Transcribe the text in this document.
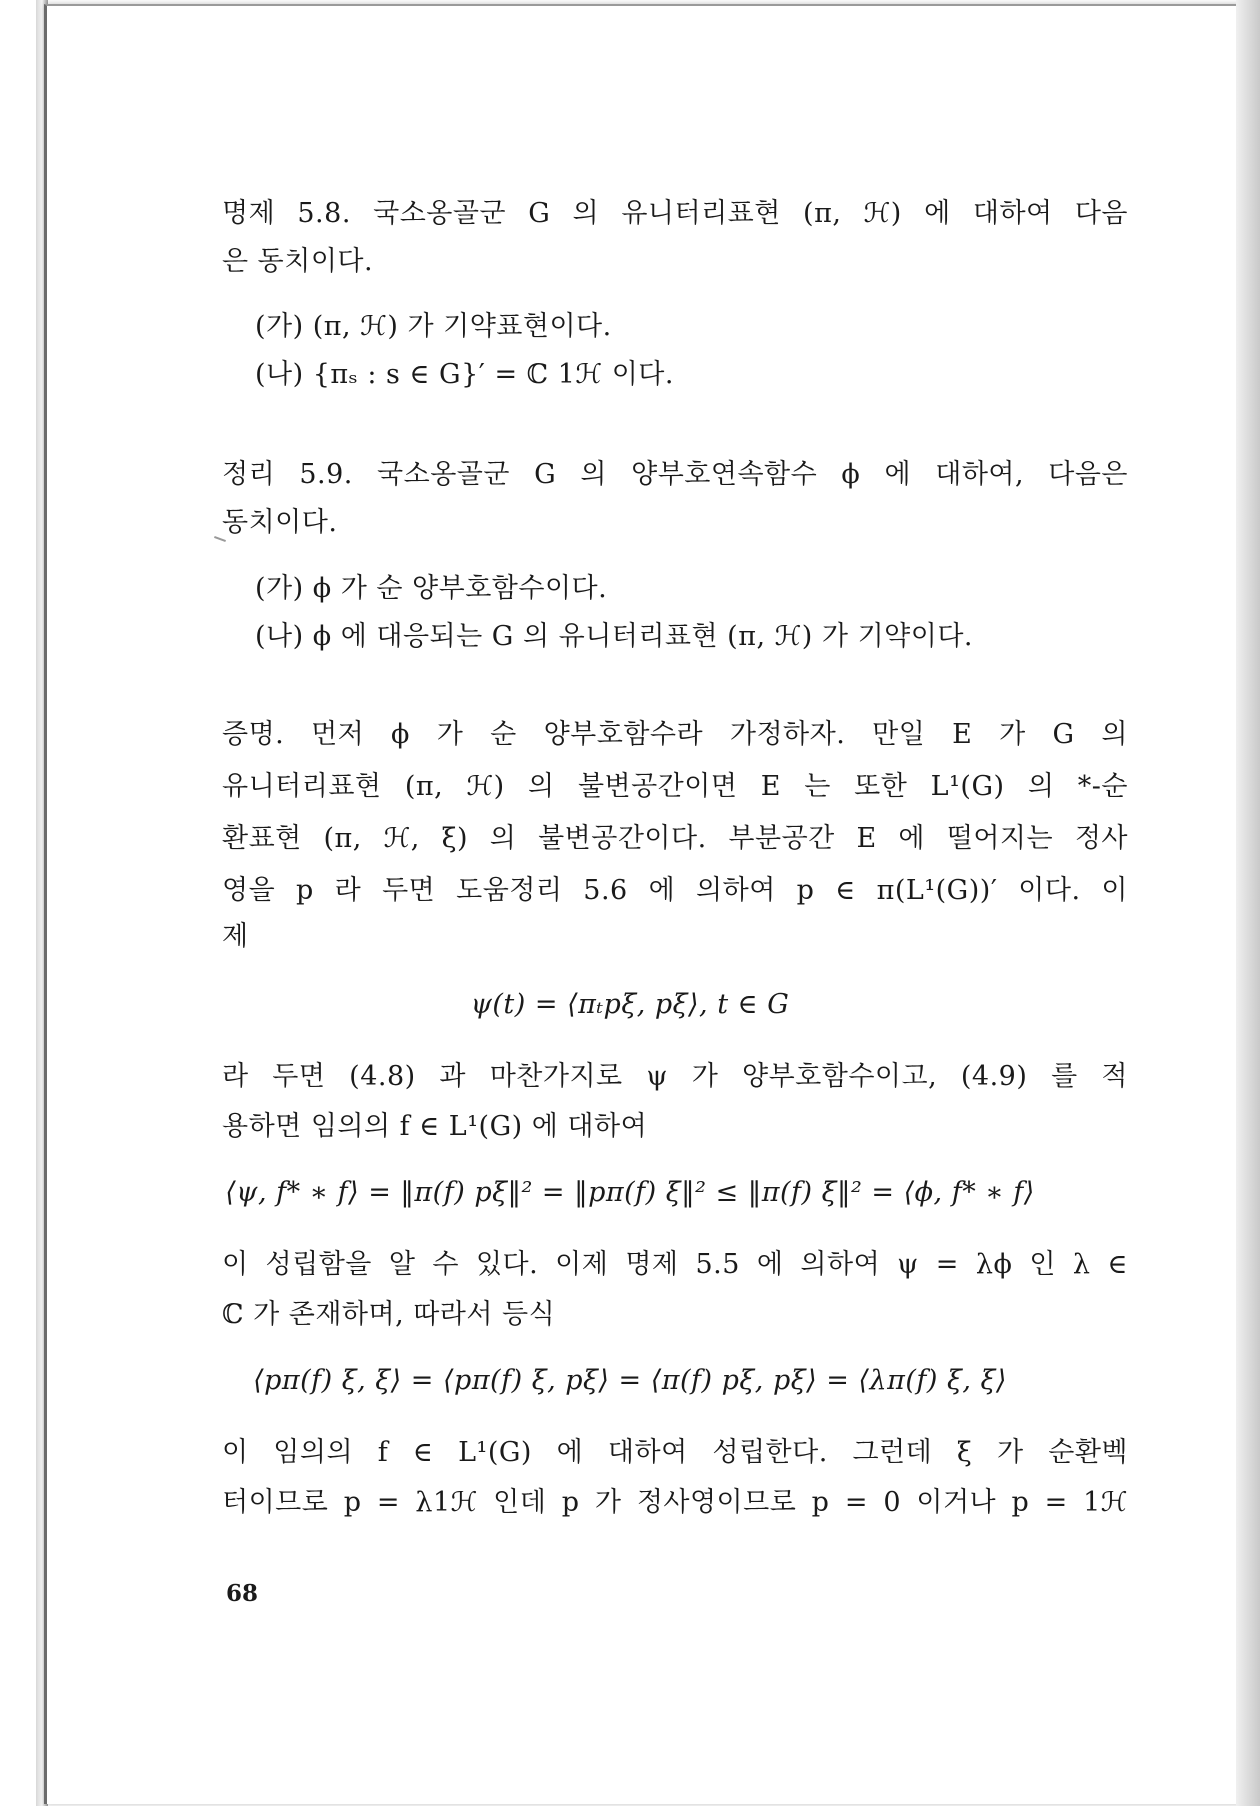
명제 5.8. 국소옹골군 G 의 유니터리표현 (π, ℋ) 에 대하여 다음
은 동치이다.
(가) (π, ℋ) 가 기약표현이다.
(나) {πₛ : s ∈ G}′ = ℂ 1ℋ 이다.
정리 5.9. 국소옹골군 G 의 양부호연속함수 ϕ 에 대하여, 다음은
동치이다.
(가) ϕ 가 순 양부호함수이다.
(나) ϕ 에 대응되는 G 의 유니터리표현 (π, ℋ) 가 기약이다.
증명. 먼저 ϕ 가 순 양부호함수라 가정하자. 만일 E 가 G 의
유니터리표현 (π, ℋ) 의 불변공간이면 E 는 또한 L¹(G) 의 *-순
환표현 (π, ℋ, ξ) 의 불변공간이다. 부분공간 E 에 떨어지는 정사
영을 p 라 두면 도움정리 5.6 에 의하여 p ∈ π(L¹(G))′ 이다. 이
제
ψ(t) = ⟨πₜpξ, pξ⟩, t ∈ G
라 두면 (4.8) 과 마찬가지로 ψ 가 양부호함수이고, (4.9) 를 적
용하면 임의의 f ∈ L¹(G) 에 대하여
⟨ψ, f* ∗ f⟩ = ‖π(f) pξ‖² = ‖pπ(f) ξ‖² ≤ ‖π(f) ξ‖² = ⟨ϕ, f* ∗ f⟩
이 성립함을 알 수 있다. 이제 명제 5.5 에 의하여 ψ = λϕ 인 λ ∈
ℂ 가 존재하며, 따라서 등식
⟨pπ(f) ξ, ξ⟩ = ⟨pπ(f) ξ, pξ⟩ = ⟨π(f) pξ, pξ⟩ = ⟨λπ(f) ξ, ξ⟩
이 임의의 f ∈ L¹(G) 에 대하여 성립한다. 그런데 ξ 가 순환벡
터이므로 p = λ1ℋ 인데 p 가 정사영이므로 p = 0 이거나 p = 1ℋ
68
